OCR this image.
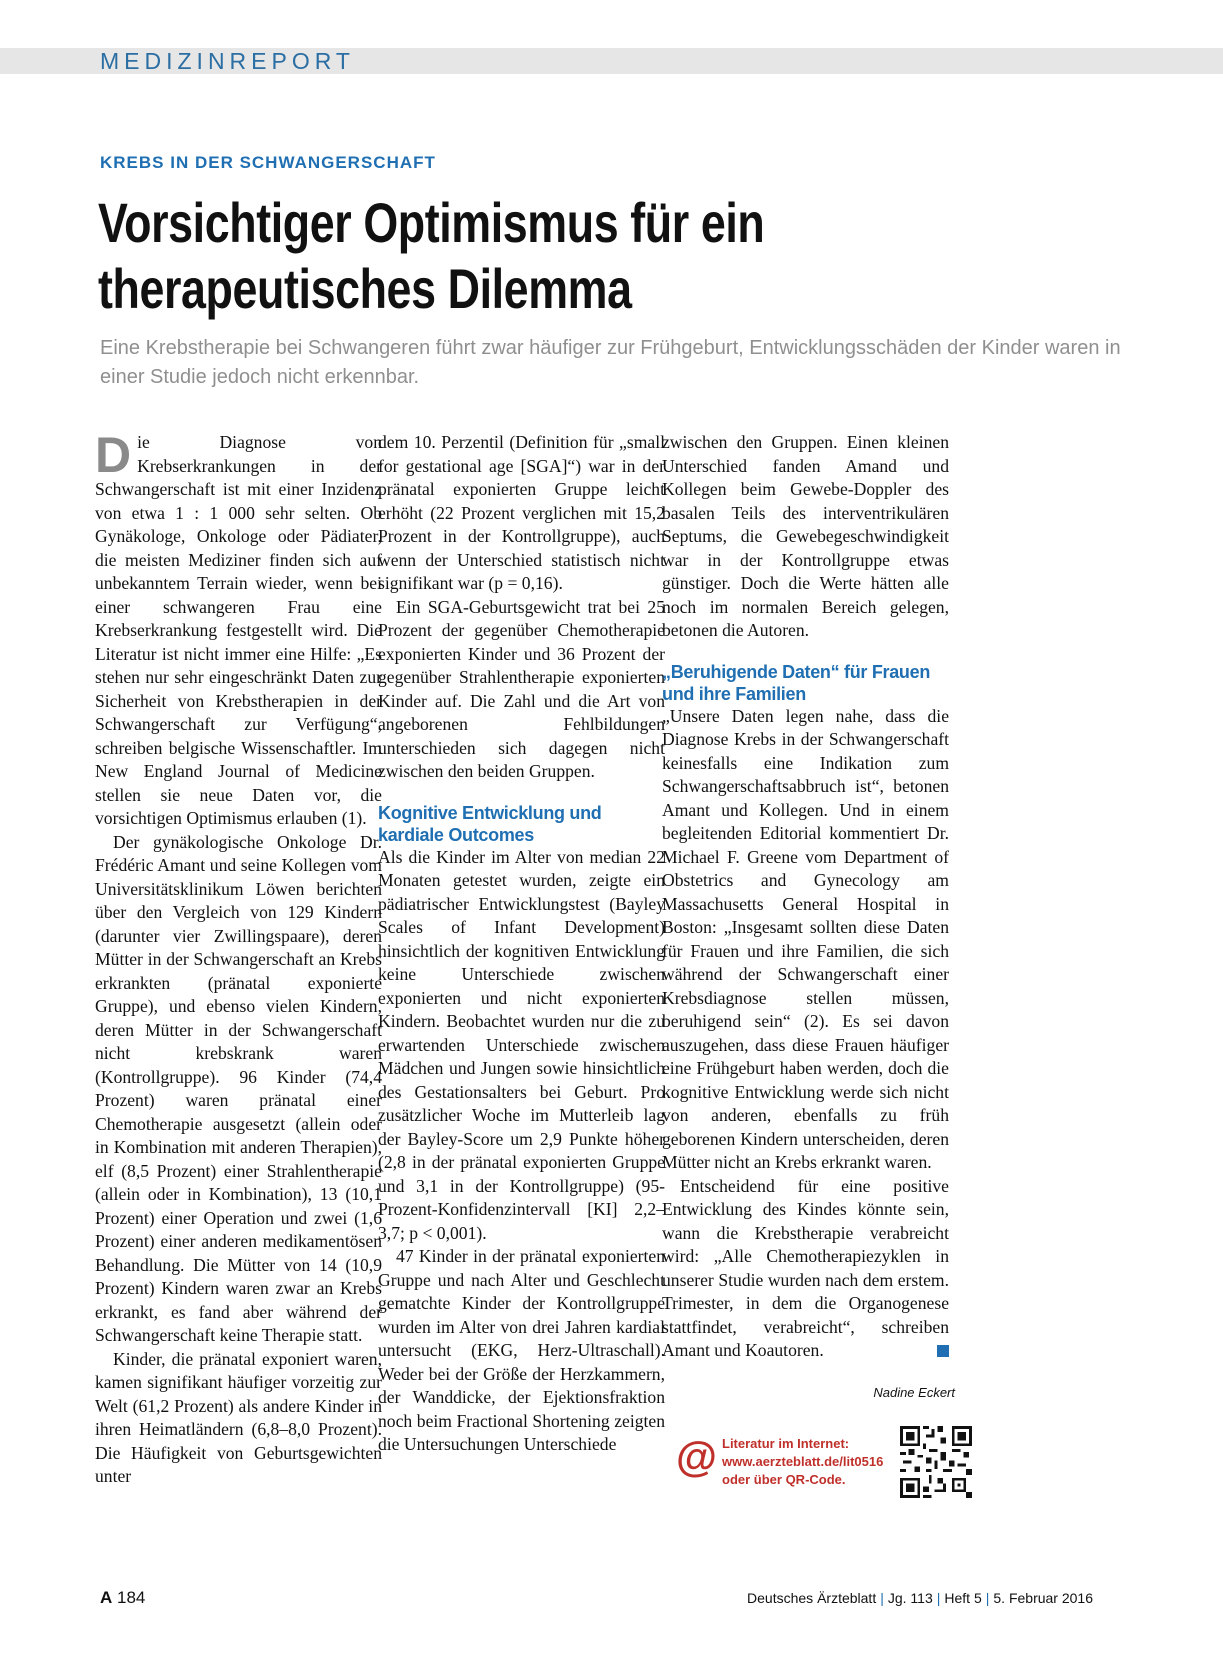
MEDIZINREPORT
KREBS IN DER SCHWANGERSCHAFT
Vorsichtiger Optimismus für ein
therapeutisches Dilemma
Eine Krebstherapie bei Schwangeren führt zwar häufiger zur Frühgeburt, Entwicklungsschäden der Kinder waren in einer Studie jedoch nicht erkennbar.

Die Diagnose von Krebserkrankungen in der Schwangerschaft ist mit einer Inzidenz von etwa 1 : 1 000 sehr selten. Ob Gynäkologe, Onkologe oder Pädiater, die meisten Mediziner finden sich auf unbekanntem Terrain wieder, wenn bei einer schwangeren Frau eine Krebserkrankung festgestellt wird. Die Literatur ist nicht immer eine Hilfe: „Es stehen nur sehr eingeschränkt Daten zur Sicherheit von Krebstherapien in der Schwangerschaft zur Verfügung“, schreiben belgische Wissenschaftler. Im New England Journal of Medicine stellen sie neue Daten vor, die vorsichtigen Optimismus erlauben (1).

Der gynäkologische Onkologe Dr. Frédéric Amant und seine Kollegen vom Universitätsklinikum Löwen berichten über den Vergleich von 129 Kindern (darunter vier Zwillingspaare), deren Mütter in der Schwangerschaft an Krebs erkrankten (pränatal exponierte Gruppe), und ebenso vielen Kindern, deren Mütter in der Schwangerschaft nicht krebskrank waren (Kontrollgruppe). 96 Kinder (74,4 Prozent) waren pränatal einer Chemotherapie ausgesetzt (allein oder in Kombination mit anderen Therapien), elf (8,5 Prozent) einer Strahlentherapie (allein oder in Kombination), 13 (10,1 Prozent) einer Operation und zwei (1,6 Prozent) einer anderen medikamentösen Behandlung. Die Mütter von 14 (10,9 Prozent) Kindern waren zwar an Krebs erkrankt, es fand aber während der Schwangerschaft keine Therapie statt.

Kinder, die pränatal exponiert waren, kamen signifikant häufiger vorzeitig zur Welt (61,2 Prozent) als andere Kinder in ihren Heimatländern (6,8–8,0 Prozent). Die Häufigkeit von Geburtsgewichten unter

dem 10. Perzentil (Definition für „small for gestational age [SGA]“) war in der pränatal exponierten Gruppe leicht erhöht (22 Prozent verglichen mit 15,2 Prozent in der Kontrollgruppe), auch wenn der Unterschied statistisch nicht signifikant war (p = 0,16).

Ein SGA-Geburtsgewicht trat bei 25 Prozent der gegenüber Chemotherapie exponierten Kinder und 36 Prozent der gegenüber Strahlentherapie exponierten Kinder auf. Die Zahl und die Art von angeborenen Fehlbildungen unterschieden sich dagegen nicht zwischen den beiden Gruppen.

Kognitive Entwicklung und kardiale Outcomes

Als die Kinder im Alter von median 22 Monaten getestet wurden, zeigte ein pädiatrischer Entwicklungstest (Bayley Scales of Infant Development) hinsichtlich der kognitiven Entwicklung keine Unterschiede zwischen exponierten und nicht exponierten Kindern. Beobachtet wurden nur die zu erwartenden Unterschiede zwischen Mädchen und Jungen sowie hinsichtlich des Gestationsalters bei Geburt. Pro zusätzlicher Woche im Mutterleib lag der Bayley-Score um 2,9 Punkte höher (2,8 in der pränatal exponierten Gruppe und 3,1 in der Kontrollgruppe) (95-Prozent-Konfidenzintervall [KI] 2,2–3,7; p < 0,001).

47 Kinder in der pränatal exponierten Gruppe und nach Alter und Geschlecht gematchte Kinder der Kontrollgruppe wurden im Alter von drei Jahren kardial untersucht (EKG, Herz-Ultraschall). Weder bei der Größe der Herzkammern, der Wanddicke, der Ejektionsfraktion noch beim Fractional Shortening zeigten die Untersuchungen Unterschiede

zwischen den Gruppen. Einen kleinen Unterschied fanden Amand und Kollegen beim Gewebe-Doppler des basalen Teils des interventrikulären Septums, die Gewebegeschwindigkeit war in der Kontrollgruppe etwas günstiger. Doch die Werte hätten alle noch im normalen Bereich gelegen, betonen die Autoren.

„Beruhigende Daten“ für Frauen und ihre Familien

„Unsere Daten legen nahe, dass die Diagnose Krebs in der Schwangerschaft keinesfalls eine Indikation zum Schwangerschaftsabbruch ist“, betonen Amant und Kollegen. Und in einem begleitenden Editorial kommentiert Dr. Michael F. Greene vom Department of Obstetrics and Gynecology am Massachusetts General Hospital in Boston: „Insgesamt sollten diese Daten für Frauen und ihre Familien, die sich während der Schwangerschaft einer Krebsdiagnose stellen müssen, beruhigend sein“ (2). Es sei davon auszugehen, dass diese Frauen häufiger eine Frühgeburt haben werden, doch die kognitive Entwicklung werde sich nicht von anderen, ebenfalls zu früh geborenen Kindern unterscheiden, deren Mütter nicht an Krebs erkrankt waren.

Entscheidend für eine positive Entwicklung des Kindes könnte sein, wann die Krebstherapie verabreicht wird: „Alle Chemotherapiezyklen in unserer Studie wurden nach dem erstem. Trimester, in dem die Organogenese stattfindet, verabreicht“, schreiben Amant und Koautoren.

Nadine Eckert
@ Literatur im Internet:
www.aerzteblatt.de/lit0516
oder über QR-Code.
A 184	Deutsches Ärzteblatt | Jg. 113 | Heft 5 | 5. Februar 2016
